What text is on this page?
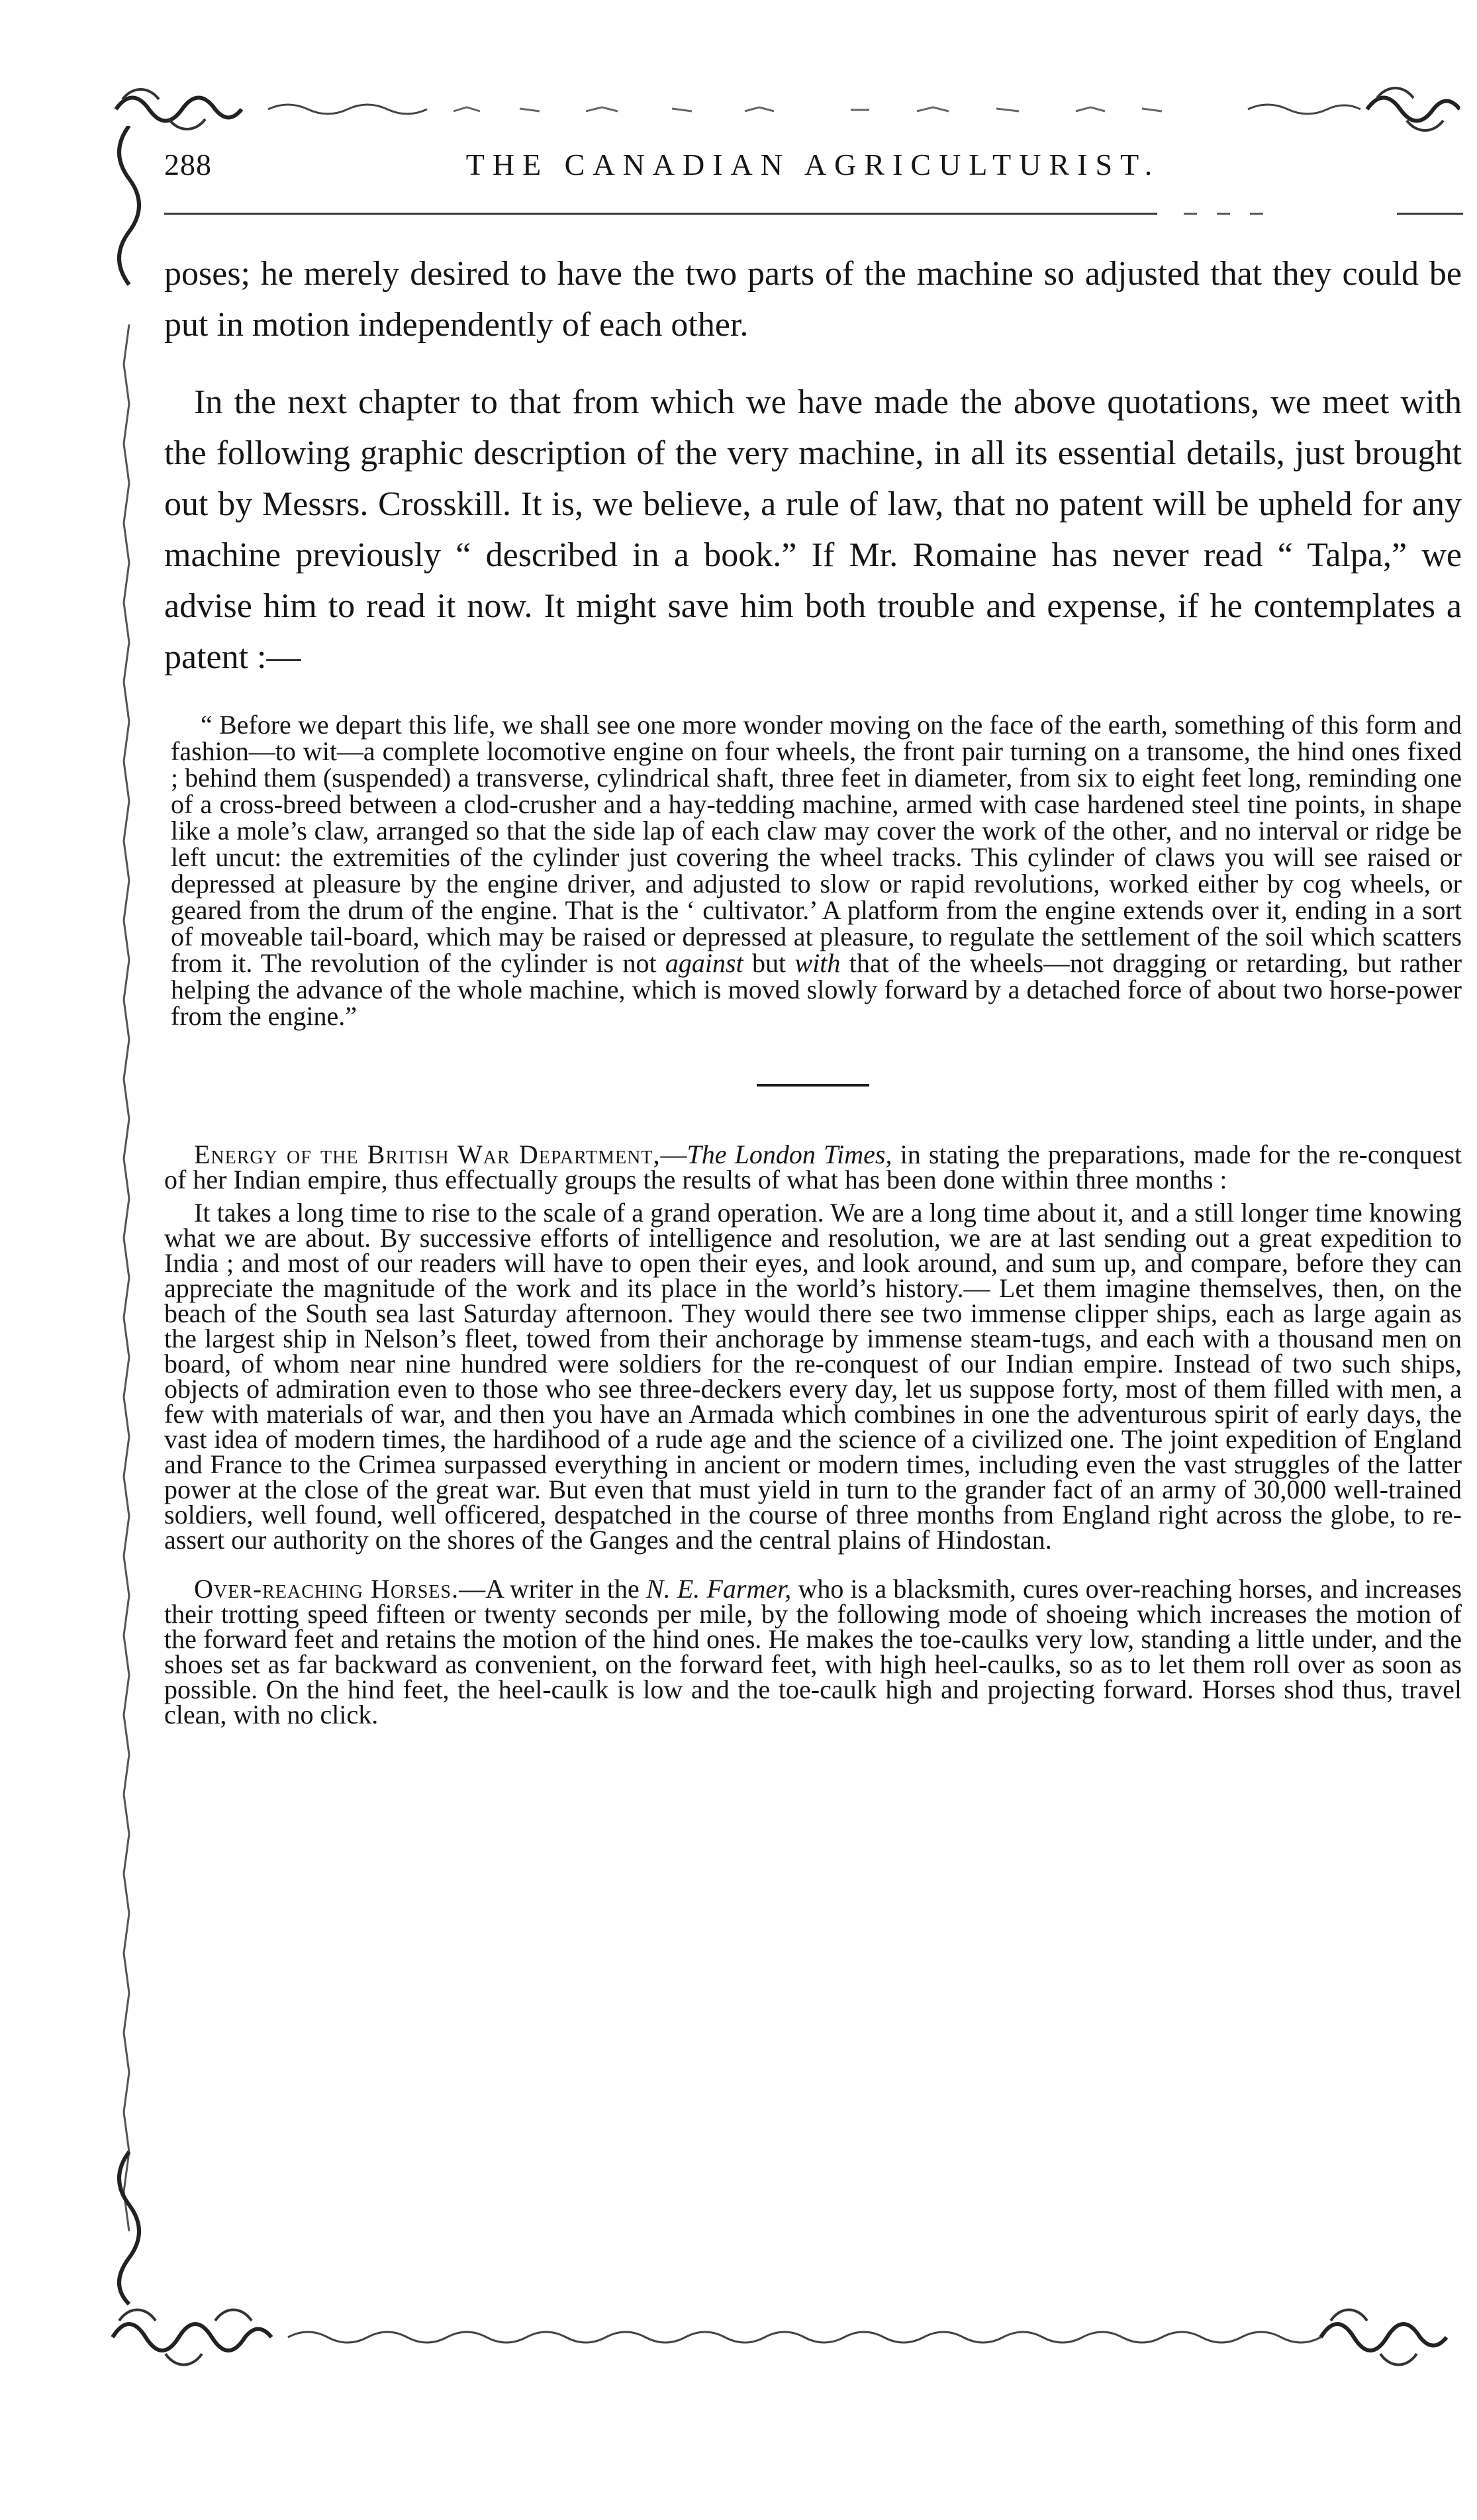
288	THE CANADIAN AGRICULTURIST.

poses; he merely desired to have the two parts of the machine so adjusted that they could be put in motion independently of each other.

In the next chapter to that from which we have made the above quotations, we meet with the following graphic description of the very machine, in all its essential details, just brought out by Messrs. Crosskill. It is, we believe, a rule of law, that no patent will be upheld for any machine previously “ described in a book.” If Mr. Romaine has never read “ Talpa,” we advise him to read it now. It might save him both trouble and expense, if he contemplates a patent :—

“ Before we depart this life, we shall see one more wonder moving on the face of the earth, something of this form and fashion—to wit—a complete locomotive engine on four wheels, the front pair turning on a transome, the hind ones fixed ; behind them (suspended) a transverse, cylindrical shaft, three feet in diameter, from six to eight feet long, reminding one of a cross-breed between a clod-crusher and a hay-tedding machine, armed with case hardened steel tine points, in shape like a mole’s claw, arranged so that the side lap of each claw may cover the work of the other, and no interval or ridge be left uncut: the extremities of the cylinder just covering the wheel tracks. This cylinder of claws you will see raised or depressed at pleasure by the engine driver, and adjusted to slow or rapid revolutions, worked either by cog wheels, or geared from the drum of the engine. That is the ‘ cultivator.’ A platform from the engine extends over it, ending in a sort of moveable tail-board, which may be raised or depressed at pleasure, to regulate the settlement of the soil which scatters from it. The revolution of the cylinder is not against but with that of the wheels—not dragging or retarding, but rather helping the advance of the whole machine, which is moved slowly forward by a detached force of about two horse-power from the engine.”

Energy of the British War Department,—The London Times, in stating the preparations, made for the re-conquest of her Indian empire, thus effectually groups the results of what has been done within three months :

It takes a long time to rise to the scale of a grand operation. We are a long time about it, and a still longer time knowing what we are about. By successive efforts of intelligence and resolution, we are at last sending out a great expedition to India ; and most of our readers will have to open their eyes, and look around, and sum up, and compare, before they can appreciate the magnitude of the work and its place in the world’s history.— Let them imagine themselves, then, on the beach of the South sea last Saturday afternoon. They would there see two immense clipper ships, each as large again as the largest ship in Nelson’s fleet, towed from their anchorage by immense steam-tugs, and each with a thousand men on board, of whom near nine hundred were soldiers for the re-conquest of our Indian empire. Instead of two such ships, objects of admiration even to those who see three-deckers every day, let us suppose forty, most of them filled with men, a few with materials of war, and then you have an Armada which combines in one the adventurous spirit of early days, the vast idea of modern times, the hardihood of a rude age and the science of a civilized one. The joint expedition of England and France to the Crimea surpassed everything in ancient or modern times, including even the vast struggles of the latter power at the close of the great war. But even that must yield in turn to the grander fact of an army of 30,000 well-trained soldiers, well found, well officered, despatched in the course of three months from England right across the globe, to re-assert our authority on the shores of the Ganges and the central plains of Hindostan.

Over-reaching Horses.—A writer in the N. E. Farmer, who is a blacksmith, cures over-reaching horses, and increases their trotting speed fifteen or twenty seconds per mile, by the following mode of shoeing which increases the motion of the forward feet and retains the motion of the hind ones. He makes the toe-caulks very low, standing a little under, and the shoes set as far backward as convenient, on the forward feet, with high heel-caulks, so as to let them roll over as soon as possible. On the hind feet, the heel-caulk is low and the toe-caulk high and projecting forward. Horses shod thus, travel clean, with no click.
